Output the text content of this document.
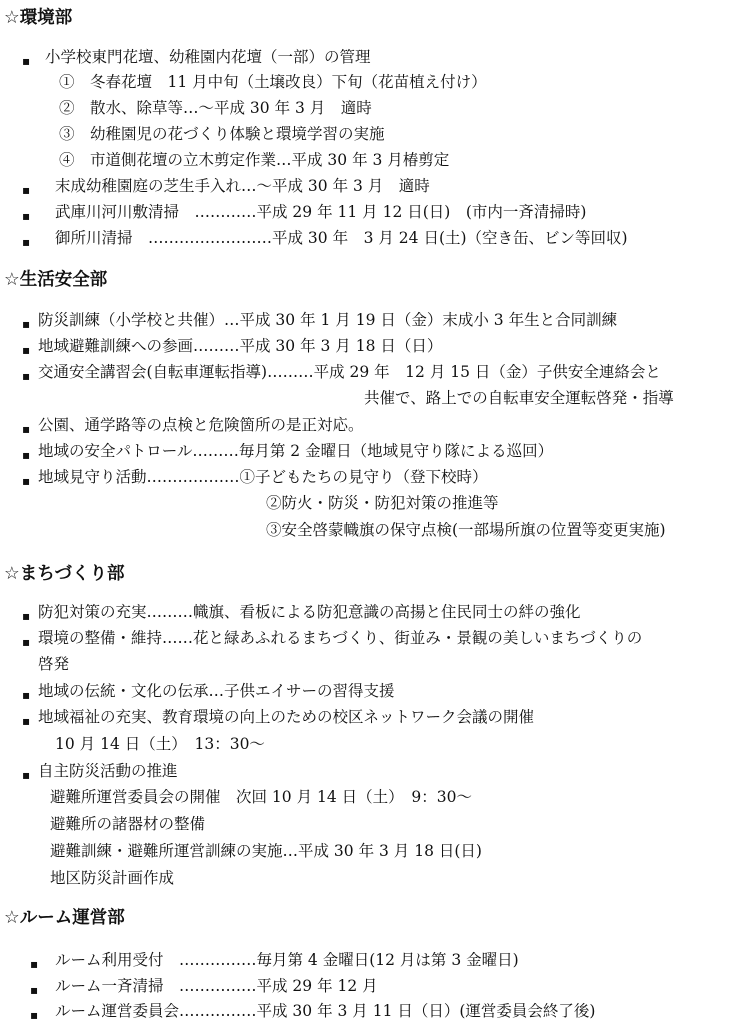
☆環境部
▪ 小学校東門花壇、幼稚園内花壇（一部）の管理
①　冬春花壇　11 月中旬（土壌改良）下旬（花苗植え付け）
②　散水、除草等…～平成 30 年 3 月　適時
③　幼稚園児の花づくり体験と環境学習の実施
④　市道側花壇の立木剪定作業…平成 30 年 3 月椿剪定
▪ 末成幼稚園庭の芝生手入れ…～平成 30 年 3 月　適時
▪ 武庫川河川敷清掃　…………平成 29 年 11 月 12 日(日)　(市内一斉清掃時)
▪ 御所川清掃　……………………平成 30 年　3 月 24 日(土)（空き缶、ビン等回収)
☆生活安全部
▪ 防災訓練（小学校と共催）…平成 30 年 1 月 19 日（金）末成小 3 年生と合同訓練
▪ 地域避難訓練への参画………平成 30 年 3 月 18 日（日）
▪ 交通安全講習会(自転車運転指導)………平成 29 年　12 月 15 日（金）子供安全連絡会と
共催で、路上での自転車安全運転啓発・指導
▪ 公園、通学路等の点検と危険箇所の是正対応。
▪ 地域の安全パトロール………毎月第 2 金曜日（地域見守り隊による巡回）
▪ 地域見守り活動………………①子どもたちの見守り（登下校時）
②防火・防災・防犯対策の推進等
③安全啓蒙幟旗の保守点検(一部場所旗の位置等変更実施)
☆まちづくり部
▪ 防犯対策の充実………幟旗、看板による防犯意識の高揚と住民同士の絆の強化
▪ 環境の整備・維持……花と緑あふれるまちづくり、街並み・景観の美しいまちづくりの
啓発
▪ 地域の伝統・文化の伝承…子供エイサーの習得支援
▪ 地域福祉の充実、教育環境の向上のための校区ネットワーク会議の開催
10 月 14 日（土）　13：30～
▪ 自主防災活動の推進
避難所運営委員会の開催　次回 10 月 14 日（土）　9：30～
避難所の諸器材の整備
避難訓練・避難所運営訓練の実施…平成 30 年 3 月 18 日(日)
地区防災計画作成
☆ルーム運営部
▪ ルーム利用受付　……………毎月第 4 金曜日(12 月は第 3 金曜日)
▪ ルーム一斉清掃　……………平成 29 年 12 月
▪ ルーム運営委員会……………平成 30 年 3 月 11 日（日）(運営委員会終了後)
